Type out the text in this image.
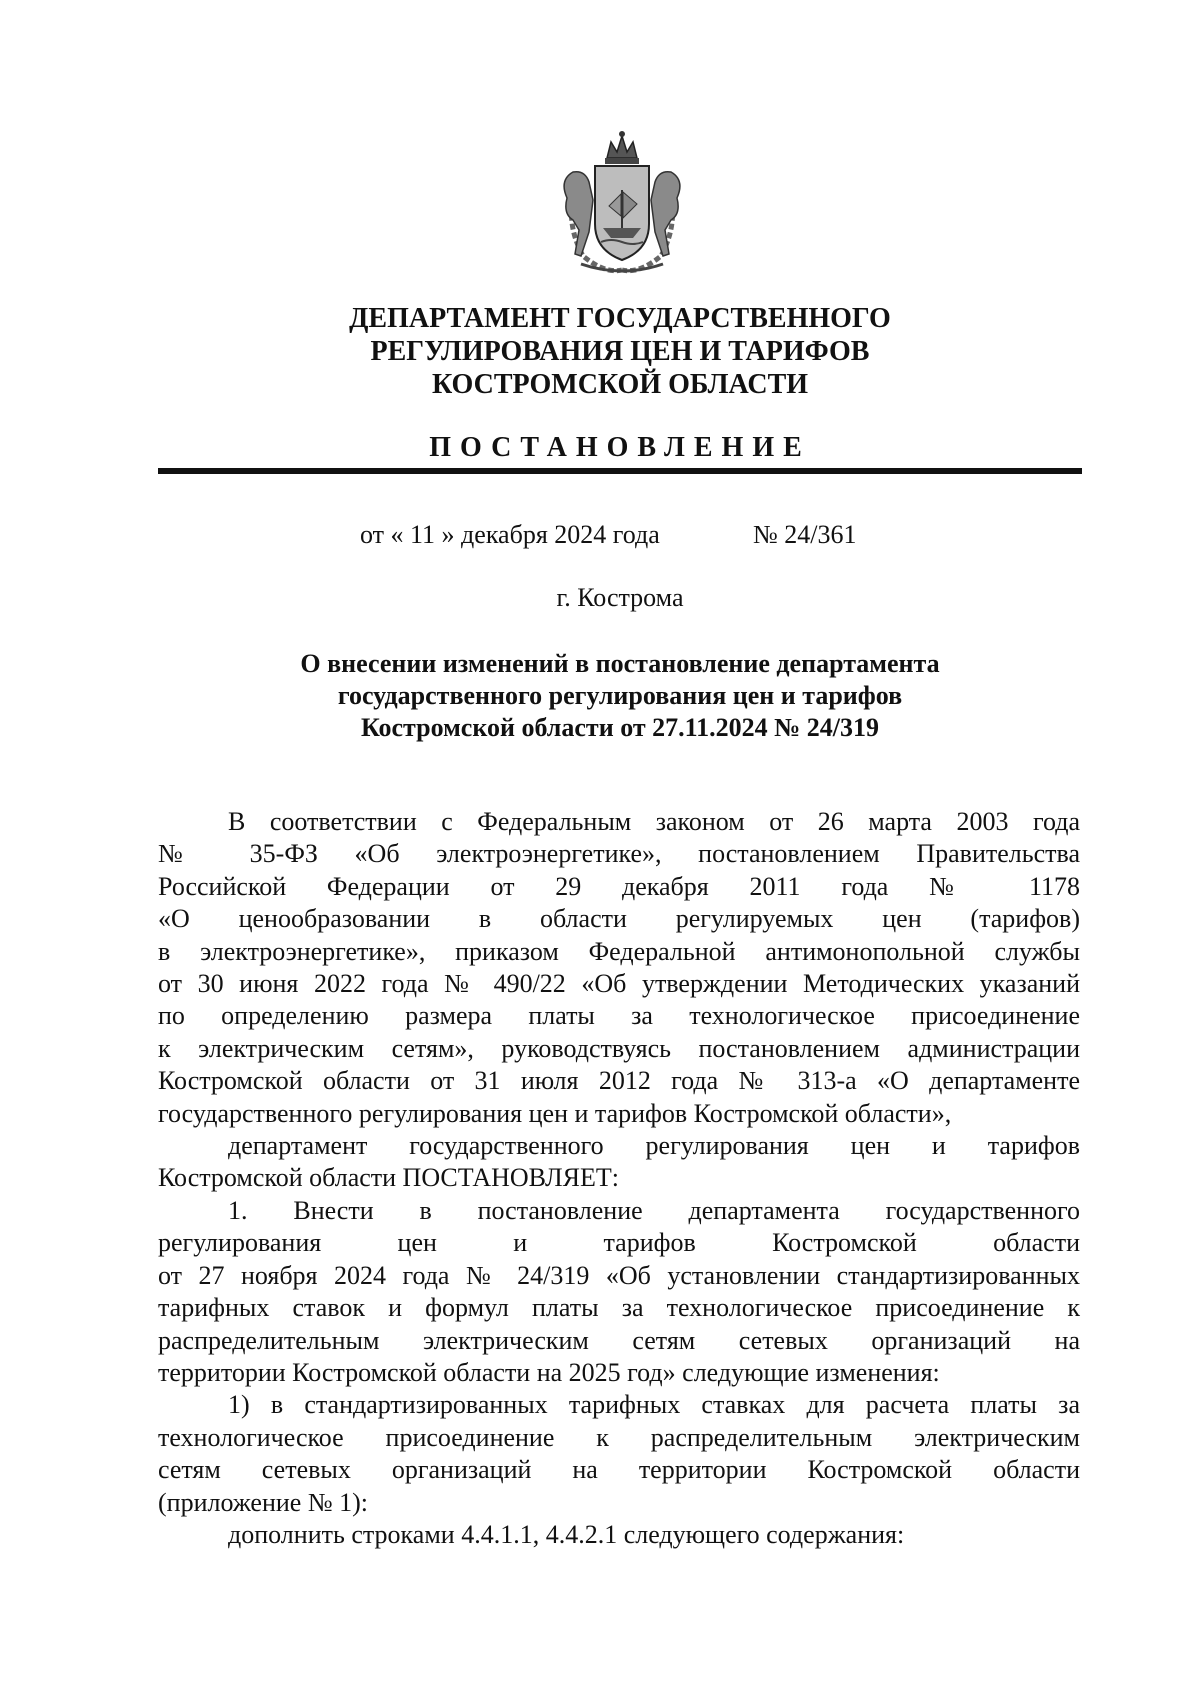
ДЕПАРТАМЕНТ ГОСУДАРСТВЕННОГО
РЕГУЛИРОВАНИЯ ЦЕН И ТАРИФОВ
КОСТРОМСКОЙ ОБЛАСТИ
ПОСТАНОВЛЕНИЕ
от « 11 » декабря 2024 года	№ 24/361
г. Кострома
О внесении изменений в постановление департамента
государственного регулирования цен и тарифов
Костромской области от 27.11.2024 № 24/319
В соответствии с Федеральным законом от 26 марта 2003 года
№ 35-ФЗ «Об электроэнергетике», постановлением Правительства
Российской Федерации от 29 декабря 2011 года № 1178
«О ценообразовании в области регулируемых цен (тарифов)
в электроэнергетике», приказом Федеральной антимонопольной службы
от 30 июня 2022 года № 490/22 «Об утверждении Методических указаний
по определению размера платы за технологическое присоединение
к электрическим сетям», руководствуясь постановлением администрации
Костромской области от 31 июля 2012 года № 313-а «О департаменте
государственного регулирования цен и тарифов Костромской области»,
департамент государственного регулирования цен и тарифов
Костромской области ПОСТАНОВЛЯЕТ:
1. Внести в постановление департамента государственного
регулирования цен и тарифов Костромской области
от 27 ноября 2024 года № 24/319 «Об установлении стандартизированных
тарифных ставок и формул платы за технологическое присоединение к
распределительным электрическим сетям сетевых организаций на
территории Костромской области на 2025 год» следующие изменения:
1) в стандартизированных тарифных ставках для расчета платы за
технологическое присоединение к распределительным электрическим
сетям сетевых организаций на территории Костромской области
(приложение № 1):
дополнить строками 4.4.1.1, 4.4.2.1 следующего содержания:
